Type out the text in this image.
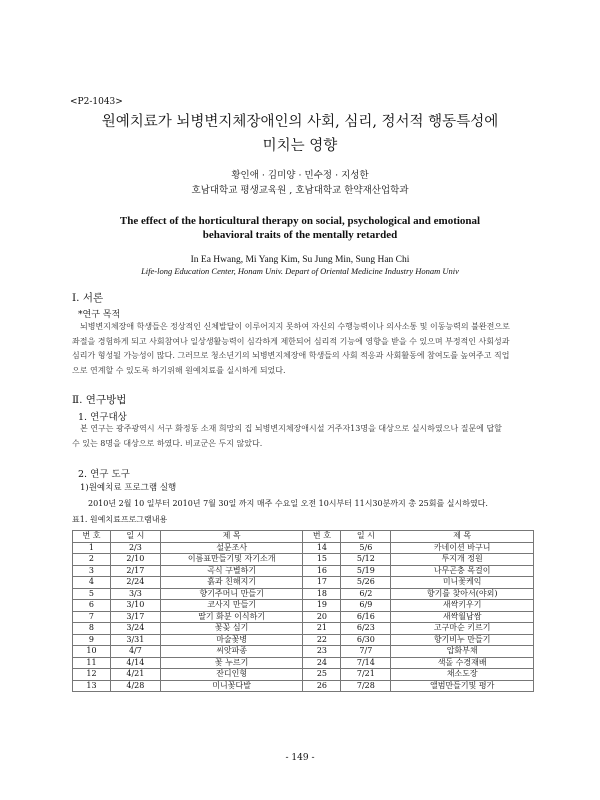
<P2-1043>
원예치료가 뇌병변지체장애인의 사회, 심리, 정서적 행동특성에
미치는 영향
황인애 · 김미양 · 민수정 · 지성한
호남대학교 평생교육원 , 호남대학교 한약재산업학과
The effect of the horticultural therapy on social, psychological and emotional
behavioral traits of the mentally retarded
In Ea Hwang, Mi Yang Kim, Su Jung Min, Sung Han Chi
Life-long Education Center, Honam Univ. Depart of Oriental Medicine Industry Honam Univ
Ⅰ. 서론
*연구 목적
뇌병변지체장애 학생들은 정상적인 신체발달이 이루어지지 못하여 자신의 수행능력이나 의사소통 및 이동능력의 불완전으로
좌절을 경험하게 되고 사회참여나 일상생활능력이 심각하게 제한되어 심리적 기능에 영향을 받을 수 있으며 부정적인 사회성과
심리가 형성될 가능성이 많다. 그러므로 청소년기의 뇌병변지체장애 학생들의 사회 적응과 사회활동에 참여도를 높여주고 직업
으로 연계할 수 있도록 하기위해 원예치료를 실시하게 되었다.
Ⅱ. 연구방법
1. 연구대상
본 연구는 광주광역시 서구 화정동 소재 희망의 집 뇌병변지체장애시설 거주자13명을 대상으로 실시하였으나 질문에 답할
수 있는 8명을 대상으로 하였다. 비교군은 두지 않았다.
2. 연구 도구
1)원예치료 프로그램 실행
2010년 2월 10 일부터 2010년 7월 30일 까지 매주 수요일 오전 10시부터 11시30분까지 총 25회를 실시하였다.
표1. 원예치료프로그램내용
번 호	일 시	제 목	번 호	일 시	제 목
1	2/3	설문조사	14	5/6	카네이션 바구니
2	2/10	이름표만들기및 자기소개	15	5/12	투지개 정원
3	2/17	곡식 구별하기	16	5/19	나무곤충 목걸이
4	2/24	흙과 친해지기	17	5/26	미니꽃케익
5	3/3	향기주머니 만들기	18	6/2	향기를 찾아서(야외)
6	3/10	코사지 만들기	19	6/9	새싹키우기
7	3/17	딸기 화분 이식하기	20	6/16	새싹월남쌈
8	3/24	꽃꽂 심기	21	6/23	고구마순 키르기
9	3/31	마술꽃병	22	6/30	향기비누 만들기
10	4/7	씨앗파종	23	7/7	압화부채
11	4/14	꽃 누르기	24	7/14	색돌 수경재배
12	4/21	잔디인형	25	7/21	채소도장
13	4/28	미니꽃다발	26	7/28	앨범만들기및 평가
- 149 -
